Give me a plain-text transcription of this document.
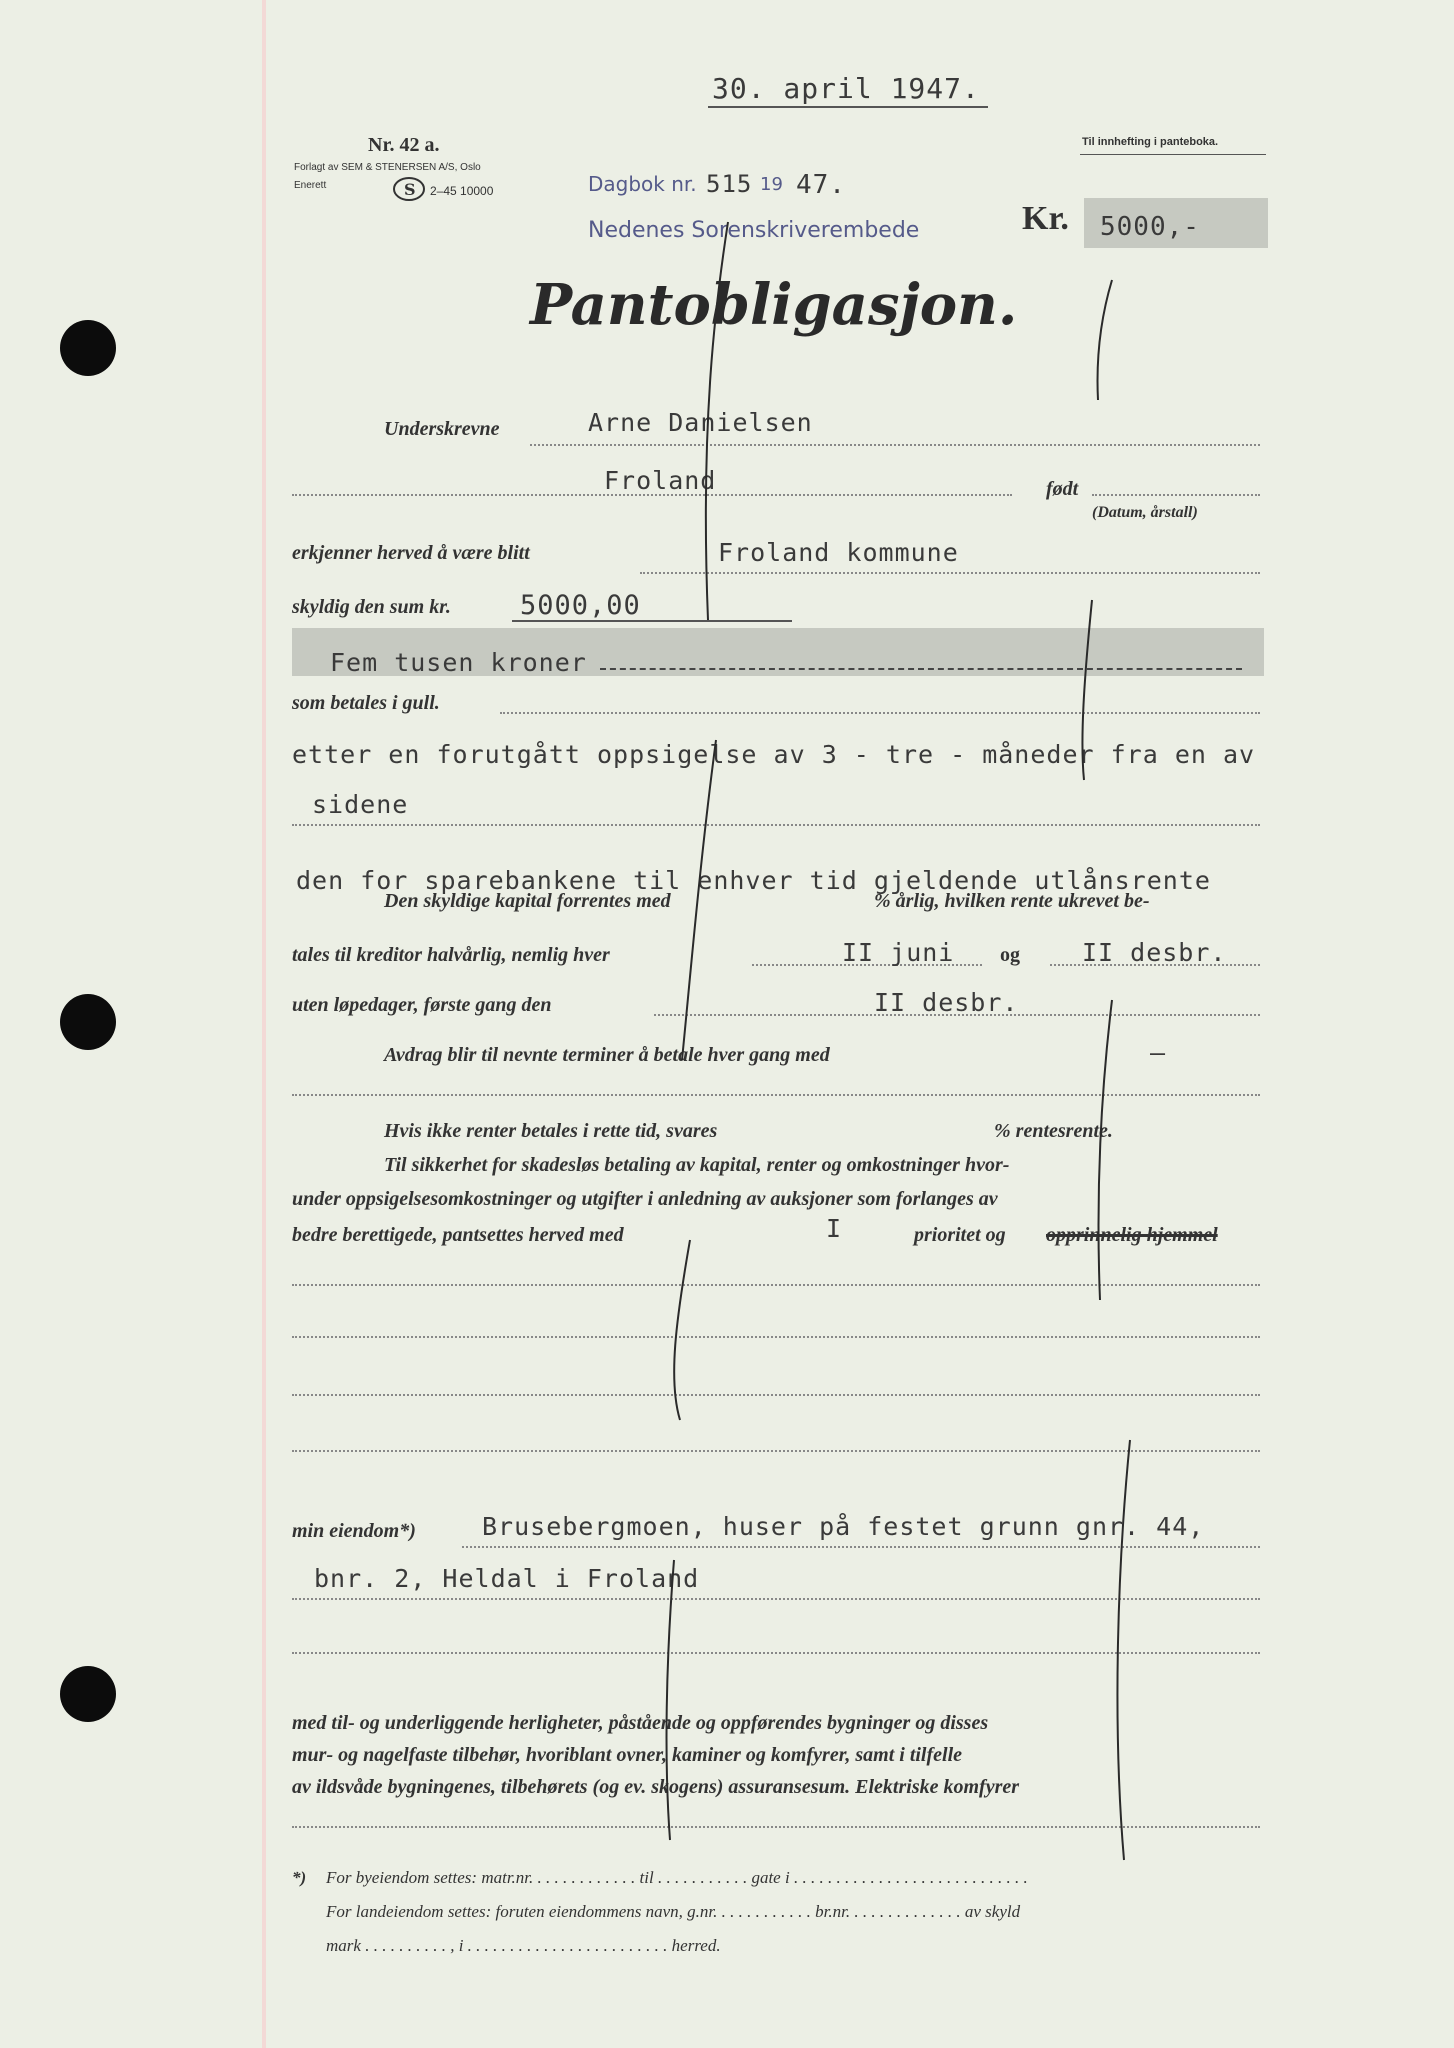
30. april 1947.
Nr. 42 a.
Forlagt av SEM & STENERSEN A/S, Oslo
Enerett	S 2–45 10000
Til innhefting i panteboka.
Dagbok nr. 515 19 47.
Nedenes Sorenskriverembede	Kr. 5000,-
Pantobligasjon.
Underskrevne	Arne Danielsen
Froland	født
(Datum, årstall)
erkjenner herved å være blitt	Froland kommune
skyldig den sum kr.	5000,00
Fem tusen kroner
som betales i gull.
etter en forutgått oppsigelse av 3 - tre - måneder fra en av
sidene
den for sparebankene til enhver tid gjeldende utlånsrente
Den skyldige kapital forrentes med	% årlig, hvilken rente ukrevet be-
tales til kreditor halvårlig, nemlig hver	II juni og II desbr.
uten løpedager, første gang den	II desbr.
Avdrag blir til nevnte terminer å betale hver gang med	–
Hvis ikke renter betales i rette tid, svares	% rentesrente.
Til sikkerhet for skadesløs betaling av kapital, renter og omkostninger hvor-
under oppsigelsesomkostninger og utgifter i anledning av auksjoner som forlanges av
bedre berettigede, pantsettes herved med	I	prioritet og opprinnelig hjemmel
min eiendom*)	Brusebergmoen, huser på festet grunn gnr. 44,
bnr. 2, Heldal i Froland
med til- og underliggende herligheter, påstående og oppførendes bygninger og disses
mur- og nagelfaste tilbehør, hvoriblant ovner, kaminer og komfyrer, samt i tilfelle
av ildsvåde bygningenes, tilbehørets (og ev. skogens) assuransesum. Elektriske komfyrer
*) For byeiendom settes: matr.nr. . . . . . . . . . . . . til . . . . . . . . . . . gate i . . . . . . . . . . . . . . . . . . . . . . . . . . . .
For landeiendom settes: foruten eiendommens navn, g.nr. . . . . . . . . . . . br.nr. . . . . . . . . . . . . . av skyld
mark . . . . . . . . . . , i . . . . . . . . . . . . . . . . . . . . . . . . herred.
